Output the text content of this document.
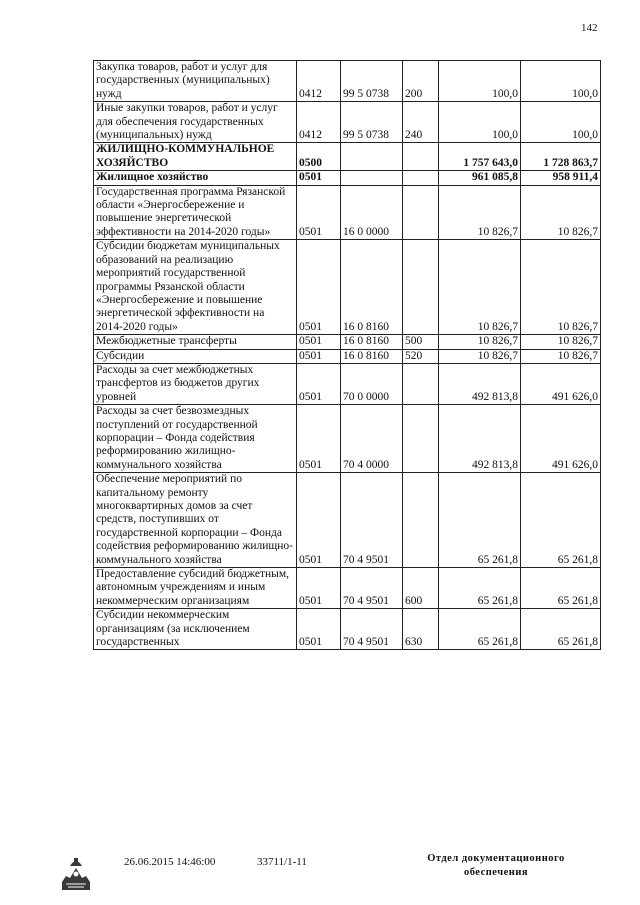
142
Закупка товаров, работ и услуг для государственных (муниципальных) нужд	0412	99 5 0738	200	100,0	100,0
Иные закупки товаров, работ и услуг для обеспечения государственных (муниципальных) нужд	0412	99 5 0738	240	100,0	100,0
ЖИЛИЩНО-КОММУНАЛЬНОЕ ХОЗЯЙСТВО	0500			1 757 643,0	1 728 863,7
Жилищное хозяйство	0501			961 085,8	958 911,4
Государственная программа Рязанской области «Энергосбережение и повышение энергетической эффективности на 2014-2020 годы»	0501	16 0 0000		10 826,7	10 826,7
Субсидии бюджетам муниципальных образований на реализацию мероприятий государственной программы Рязанской области «Энергосбережение и повышение энергетической эффективности на 2014-2020 годы»	0501	16 0 8160		10 826,7	10 826,7
Межбюджетные трансферты	0501	16 0 8160	500	10 826,7	10 826,7
Субсидии	0501	16 0 8160	520	10 826,7	10 826,7
Расходы за счет межбюджетных трансфертов из бюджетов других уровней	0501	70 0 0000		492 813,8	491 626,0
Расходы за счет безвозмездных поступлений от государственной корпорации – Фонда содействия реформированию жилищно-коммунального хозяйства	0501	70 4 0000		492 813,8	491 626,0
Обеспечение мероприятий по капитальному ремонту многоквартирных домов за счет средств, поступивших от государственной корпорации – Фонда содействия реформированию жилищно-коммунального хозяйства	0501	70 4 9501		65 261,8	65 261,8
Предоставление субсидий бюджетным, автономным учреждениям и иным некоммерческим организациям	0501	70 4 9501	600	65 261,8	65 261,8
Субсидии некоммерческим организациям (за исключением государственных	0501	70 4 9501	630	65 261,8	65 261,8
26.06.2015 14:46:00	33711/1-11	Отдел документационного обеспечения
